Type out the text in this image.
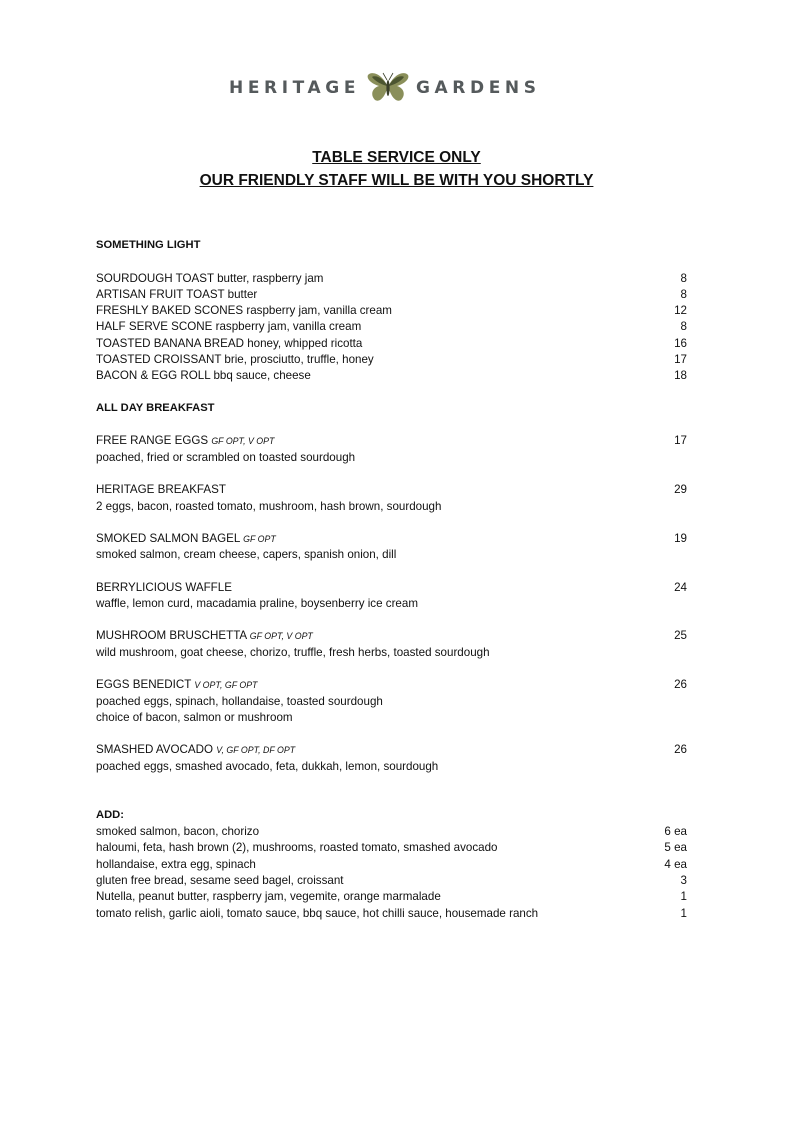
HERITAGE	GARDENS
TABLE SERVICE ONLY
OUR FRIENDLY STAFF WILL BE WITH YOU SHORTLY
SOMETHING LIGHT
SOURDOUGH TOAST butter, raspberry jam	8
ARTISAN FRUIT TOAST butter	8
FRESHLY BAKED SCONES raspberry jam, vanilla cream	12
HALF SERVE SCONE raspberry jam, vanilla cream	8
TOASTED BANANA BREAD honey, whipped ricotta	16
TOASTED CROISSANT brie, prosciutto, truffle, honey	17
BACON & EGG ROLL bbq sauce, cheese	18
ALL DAY BREAKFAST
FREE RANGE EGGS GF OPT, V OPT	17
poached, fried or scrambled on toasted sourdough
HERITAGE BREAKFAST	29
2 eggs, bacon, roasted tomato, mushroom, hash brown, sourdough
SMOKED SALMON BAGEL GF OPT	19
smoked salmon, cream cheese, capers, spanish onion, dill
BERRYLICIOUS WAFFLE	24
waffle, lemon curd, macadamia praline, boysenberry ice cream
MUSHROOM BRUSCHETTA GF OPT, V OPT	25
wild mushroom, goat cheese, chorizo, truffle, fresh herbs, toasted sourdough
EGGS BENEDICT V OPT, GF OPT	26
poached eggs, spinach, hollandaise, toasted sourdough
choice of bacon, salmon or mushroom
SMASHED AVOCADO V, GF OPT, DF OPT	26
poached eggs, smashed avocado, feta, dukkah, lemon, sourdough
ADD:
smoked salmon, bacon, chorizo	6 ea
haloumi, feta, hash brown (2), mushrooms, roasted tomato, smashed avocado	5 ea
hollandaise, extra egg, spinach	4 ea
gluten free bread, sesame seed bagel, croissant	3
Nutella, peanut butter, raspberry jam, vegemite, orange marmalade	1
tomato relish, garlic aioli, tomato sauce, bbq sauce, hot chilli sauce, housemade ranch	1
